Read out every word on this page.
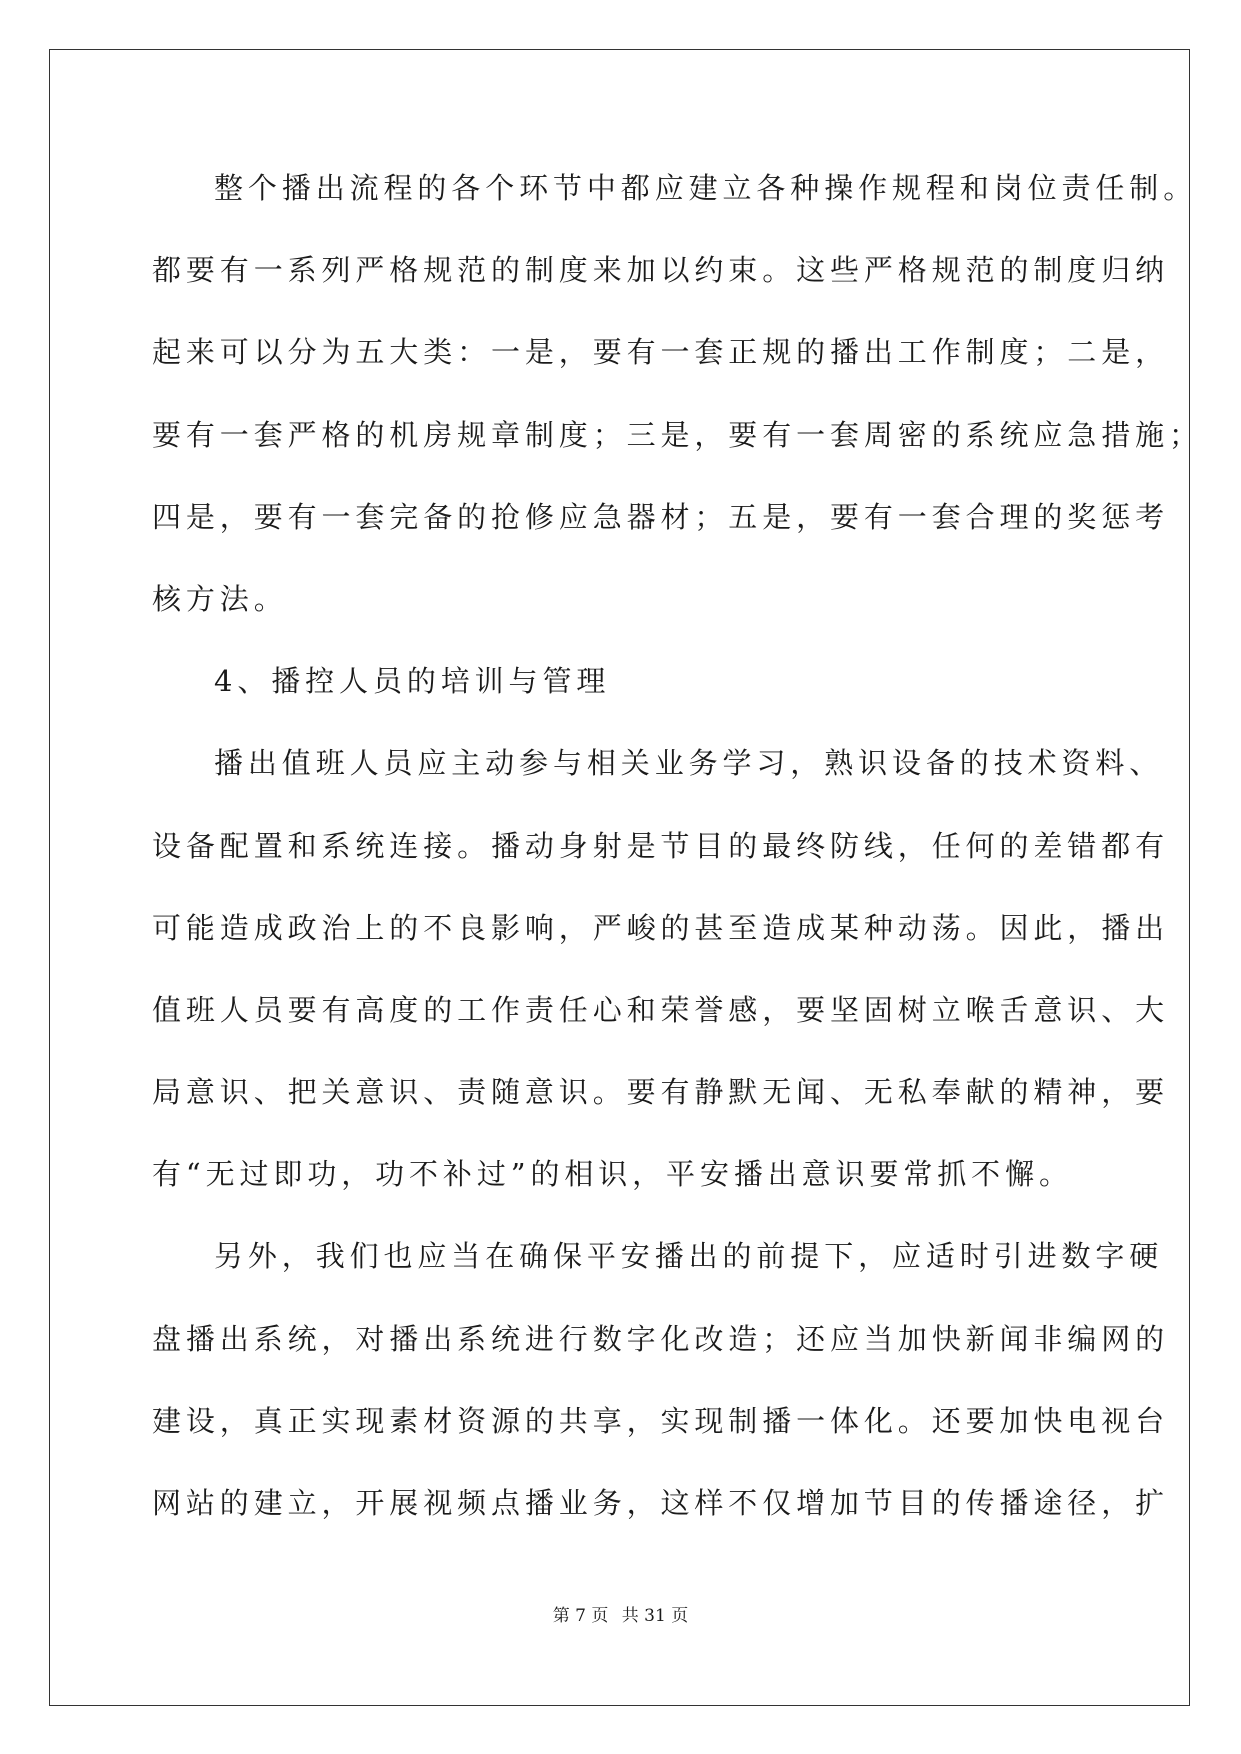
整个播出流程的各个环节中都应建立各种操作规程和岗位责任制。
都要有一系列严格规范的制度来加以约束。这些严格规范的制度归纳
起来可以分为五大类：一是，要有一套正规的播出工作制度；二是，
要有一套严格的机房规章制度；三是，要有一套周密的系统应急措施；
四是，要有一套完备的抢修应急器材；五是，要有一套合理的奖惩考
核方法。
4、播控人员的培训与管理
播出值班人员应主动参与相关业务学习，熟识设备的技术资料、
设备配置和系统连接。播动身射是节目的最终防线，任何的差错都有
可能造成政治上的不良影响，严峻的甚至造成某种动荡。因此，播出
值班人员要有高度的工作责任心和荣誉感，要坚固树立喉舌意识、大
局意识、把关意识、责随意识。要有静默无闻、无私奉献的精神，要
有“无过即功，功不补过”的相识，平安播出意识要常抓不懈。
另外，我们也应当在确保平安播出的前提下，应适时引进数字硬
盘播出系统，对播出系统进行数字化改造；还应当加快新闻非编网的
建设，真正实现素材资源的共享，实现制播一体化。还要加快电视台
网站的建立，开展视频点播业务，这样不仅增加节目的传播途径，扩
第 7 页 共 31 页
